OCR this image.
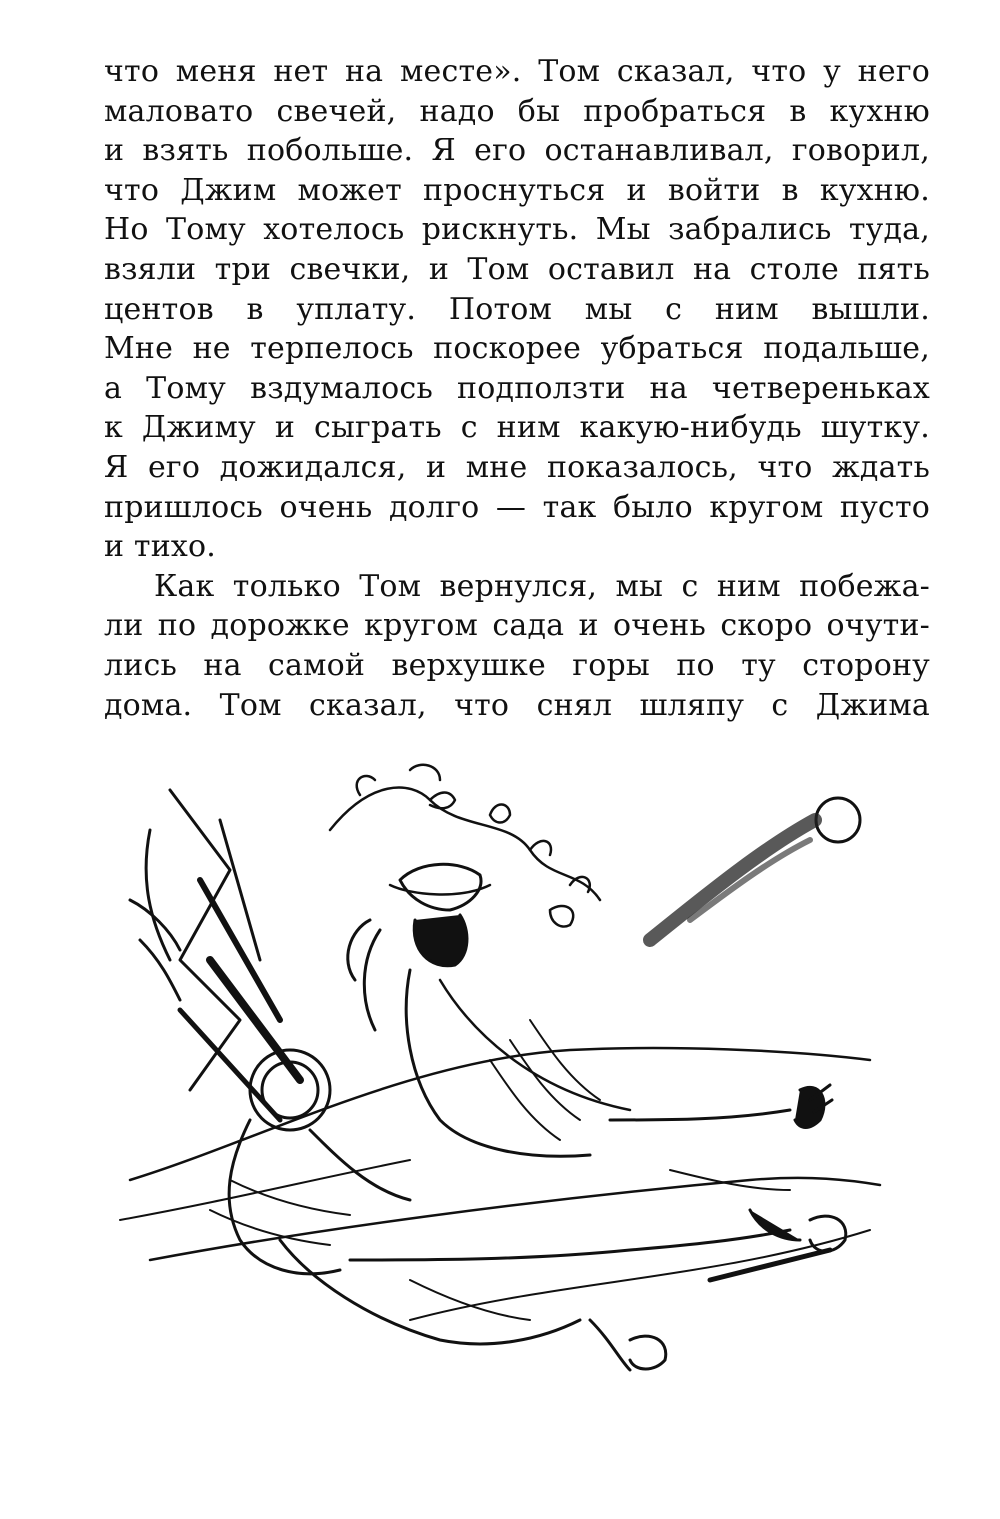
что меня нет на месте». Том сказал, что у него
маловато свечей, надо бы пробраться в кухню
и взять побольше. Я его останавливал, говорил,
что Джим может проснуться и войти в кухню.
Но Тому хотелось рискнуть. Мы забрались туда,
взяли три свечки, и Том оставил на столе пять
центов в уплату. Потом мы с ним вышли.
Мне не терпелось поскорее убраться подальше,
а Тому вздумалось подползти на четвереньках
к Джиму и сыграть с ним какую-нибудь шутку.
Я его дожидался, и мне показалось, что ждать
пришлось очень долго — так было кругом пусто
и тихо.
Как только Том вернулся, мы с ним побежа-
ли по дорожке кругом сада и очень скоро очути-
лись на самой верхушке горы по ту сторону
дома. Том сказал, что снял шляпу с Джима
